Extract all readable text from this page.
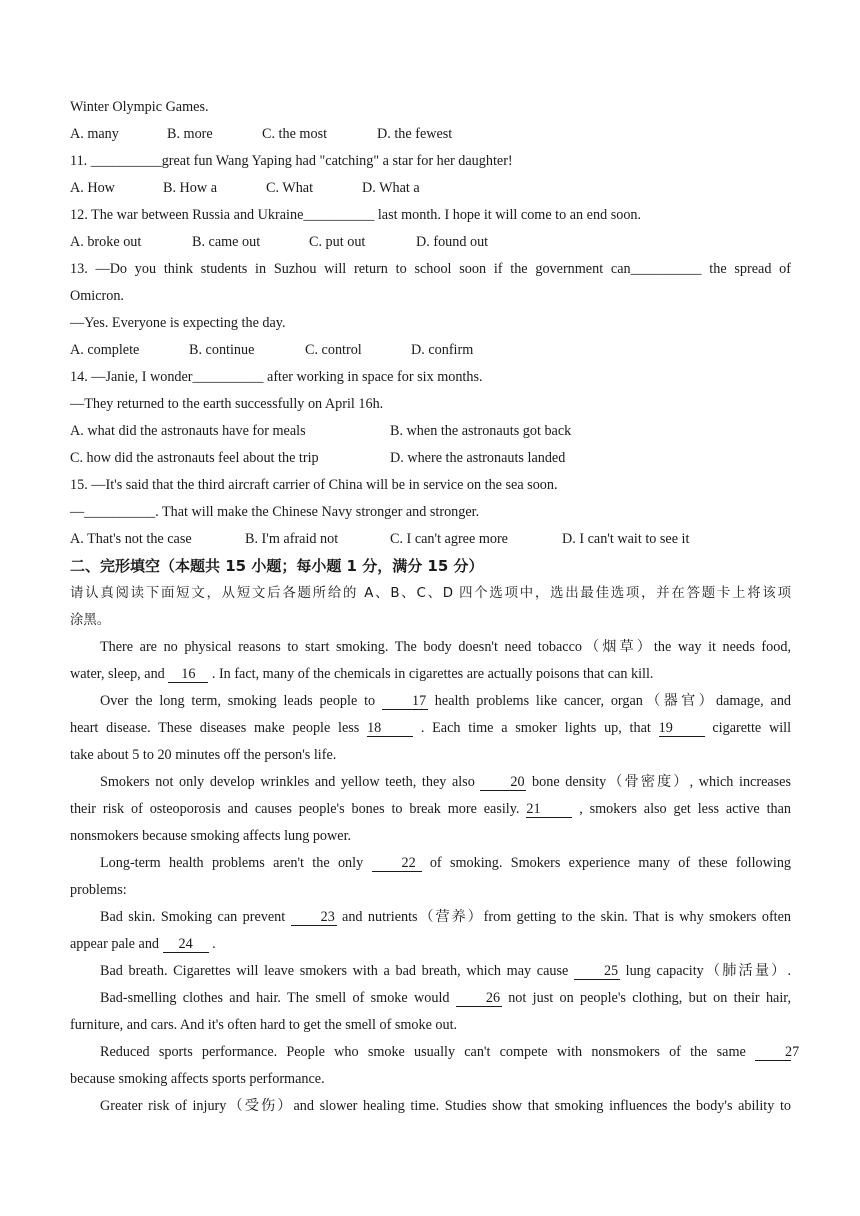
Winter Olympic Games.
A. many	B. more	C. the most	D. the fewest
11. __________great fun Wang Yaping had "catching" a star for her daughter!
A. How	B. How a	C. What	D. What a
12. The war between Russia and Ukraine__________ last month. I hope it will come to an end soon.
A. broke out	B. came out	C. put out	D. found out
13. —Do you think students in Suzhou will return to school soon if the government can__________ the spread of
Omicron.
—Yes. Everyone is expecting the day.
A. complete	B. continue	C. control	D. confirm
14. —Janie, I wonder__________ after working in space for six months.
—They returned to the earth successfully on April 16h.
A. what did the astronauts have for meals	B. when the astronauts got back
C. how did the astronauts feel about the trip	D. where the astronauts landed
15. —It's said that the third aircraft carrier of China will be in service on the sea soon.
—__________. That will make the Chinese Navy stronger and stronger.
A. That's not the case	B. I'm afraid not	C. I can't agree more	D. I can't wait to see it
二、完形填空（本题共 15 小题；每小题 1 分，满分 15 分）
请认真阅读下面短文，从短文后各题所给的 A、B、C、D 四个选项中，选出最佳选项，并在答题卡上将该项
涂黑。
There are no physical reasons to start smoking. The body doesn't need tobacco（烟草）the way it needs food,
water, sleep, and 16 . In fact, many of the chemicals in cigarettes are actually poisons that can kill.
Over the long term, smoking leads people to 17 health problems like cancer, organ（器官）damage, and
heart disease. These diseases make people less 18	. Each time a smoker lights up, that 19	cigarette will
take about 5 to 20 minutes off the person's life.
Smokers not only develop wrinkles and yellow teeth, they also 20 bone density（骨密度）, which increases
their risk of osteoporosis and causes people's bones to break more easily. 21	, smokers also get less active than
nonsmokers because smoking affects lung power.
Long-term health problems aren't the only 22 of smoking. Smokers experience many of these following
problems:
Bad skin. Smoking can prevent 23 and nutrients（营养）from getting to the skin. That is why smokers often
appear pale and 24 .
Bad breath. Cigarettes will leave smokers with a bad breath, which may cause 25 lung capacity（肺活量）.
Bad-smelling clothes and hair. The smell of smoke would 26 not just on people's clothing, but on their hair,
furniture, and cars. And it's often hard to get the smell of smoke out.
Reduced sports performance. People who smoke usually can't compete with nonsmokers of the same 27
because smoking affects sports performance.
Greater risk of injury（受伤）and slower healing time. Studies show that smoking influences the body's ability to
